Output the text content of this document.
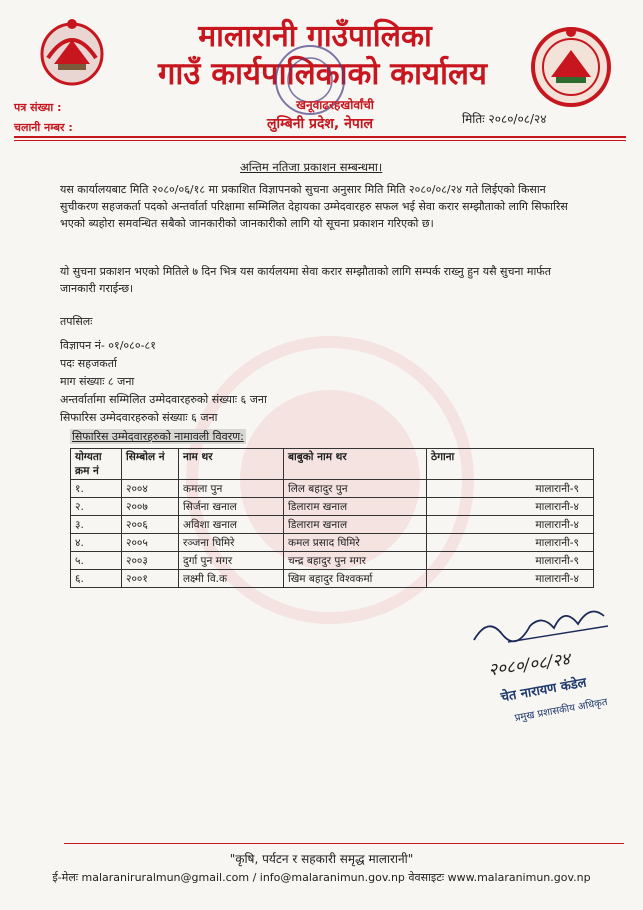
मालारानी गाउँपालिका
गाउँ कार्यपालिकाको कार्यालय
खनूवाढरहखोर्वांची
लुम्बिनी प्रदेश, नेपाल
पत्र संख्या :
चलानी नम्बर :
मितिः २०८०/०८/२४
अन्तिम नतिजा प्रकाशन सम्बन्धमा।
यस कार्यालयबाट मिति २०८०/०६/१८ मा प्रकाशित विज्ञापनको सुचना अनुसार मिति मिति २०८०/०८/२४ गते लिईएको किसान सुचीकरण सहजकर्ता पदको अन्तर्वार्ता परिक्षामा सम्मिलित देहायका उम्मेदवारहरु सफल भई सेवा करार सम्झौताको लागि सिफारिस भएको ब्यहोरा समवन्धित सबैको जानकारीको जानकारीको लागि यो सूचना प्रकाशन गरिएको छ।
यो सुचना प्रकाशन भएको मितिले ७ दिन भित्र यस कार्यलयमा सेवा करार सम्झौताको लागि सम्पर्क राख्नु हुन यसै सुचना मार्फत जानकारी गराईन्छ।
तपसिलः
विज्ञापन नं- ०१/०८०-८१
पदः सहजकर्ता
माग संख्याः ८ जना
अन्तर्वार्तामा सम्मिलित उम्मेदवारहरुको संख्याः ६ जना
सिफारिस उम्मेदवारहरुको संख्याः ६ जना
सिफारिस उम्मेदवारहरुको नामावली विवरण:
योग्यता क्रम नं	सिम्बोल नं	नाम थर	बाबुको नाम थर	ठेगाना
१.	२००४	कमला पुन	लिल बहादुर पुन	मालारानी-९
२.	२००७	सिर्जना खनाल	डिलाराम खनाल	मालारानी-४
३.	२००६	अविशा खनाल	डिलाराम खनाल	मालारानी-४
४.	२००५	रञ्जना घिमिरे	कमल प्रसाद घिमिरे	मालारानी-९
५.	२००३	दुर्गा पुन मगर	चन्द्र बहादुर पुन मगर	मालारानी-९
६.	२००१	लक्ष्मी वि.क	खिम बहादुर विश्वकर्मा	मालारानी-४
२०८०/०८/२४
चेत नारायण कंडेल
प्रमुख प्रशासकीय अधिकृत
"कृषि, पर्यटन र सहकारी समृद्ध मालारानी"
ई-मेलः malaraniruralmun@gmail.com / info@malaranimun.gov.np वेवसाइटः www.malaranimun.gov.np
